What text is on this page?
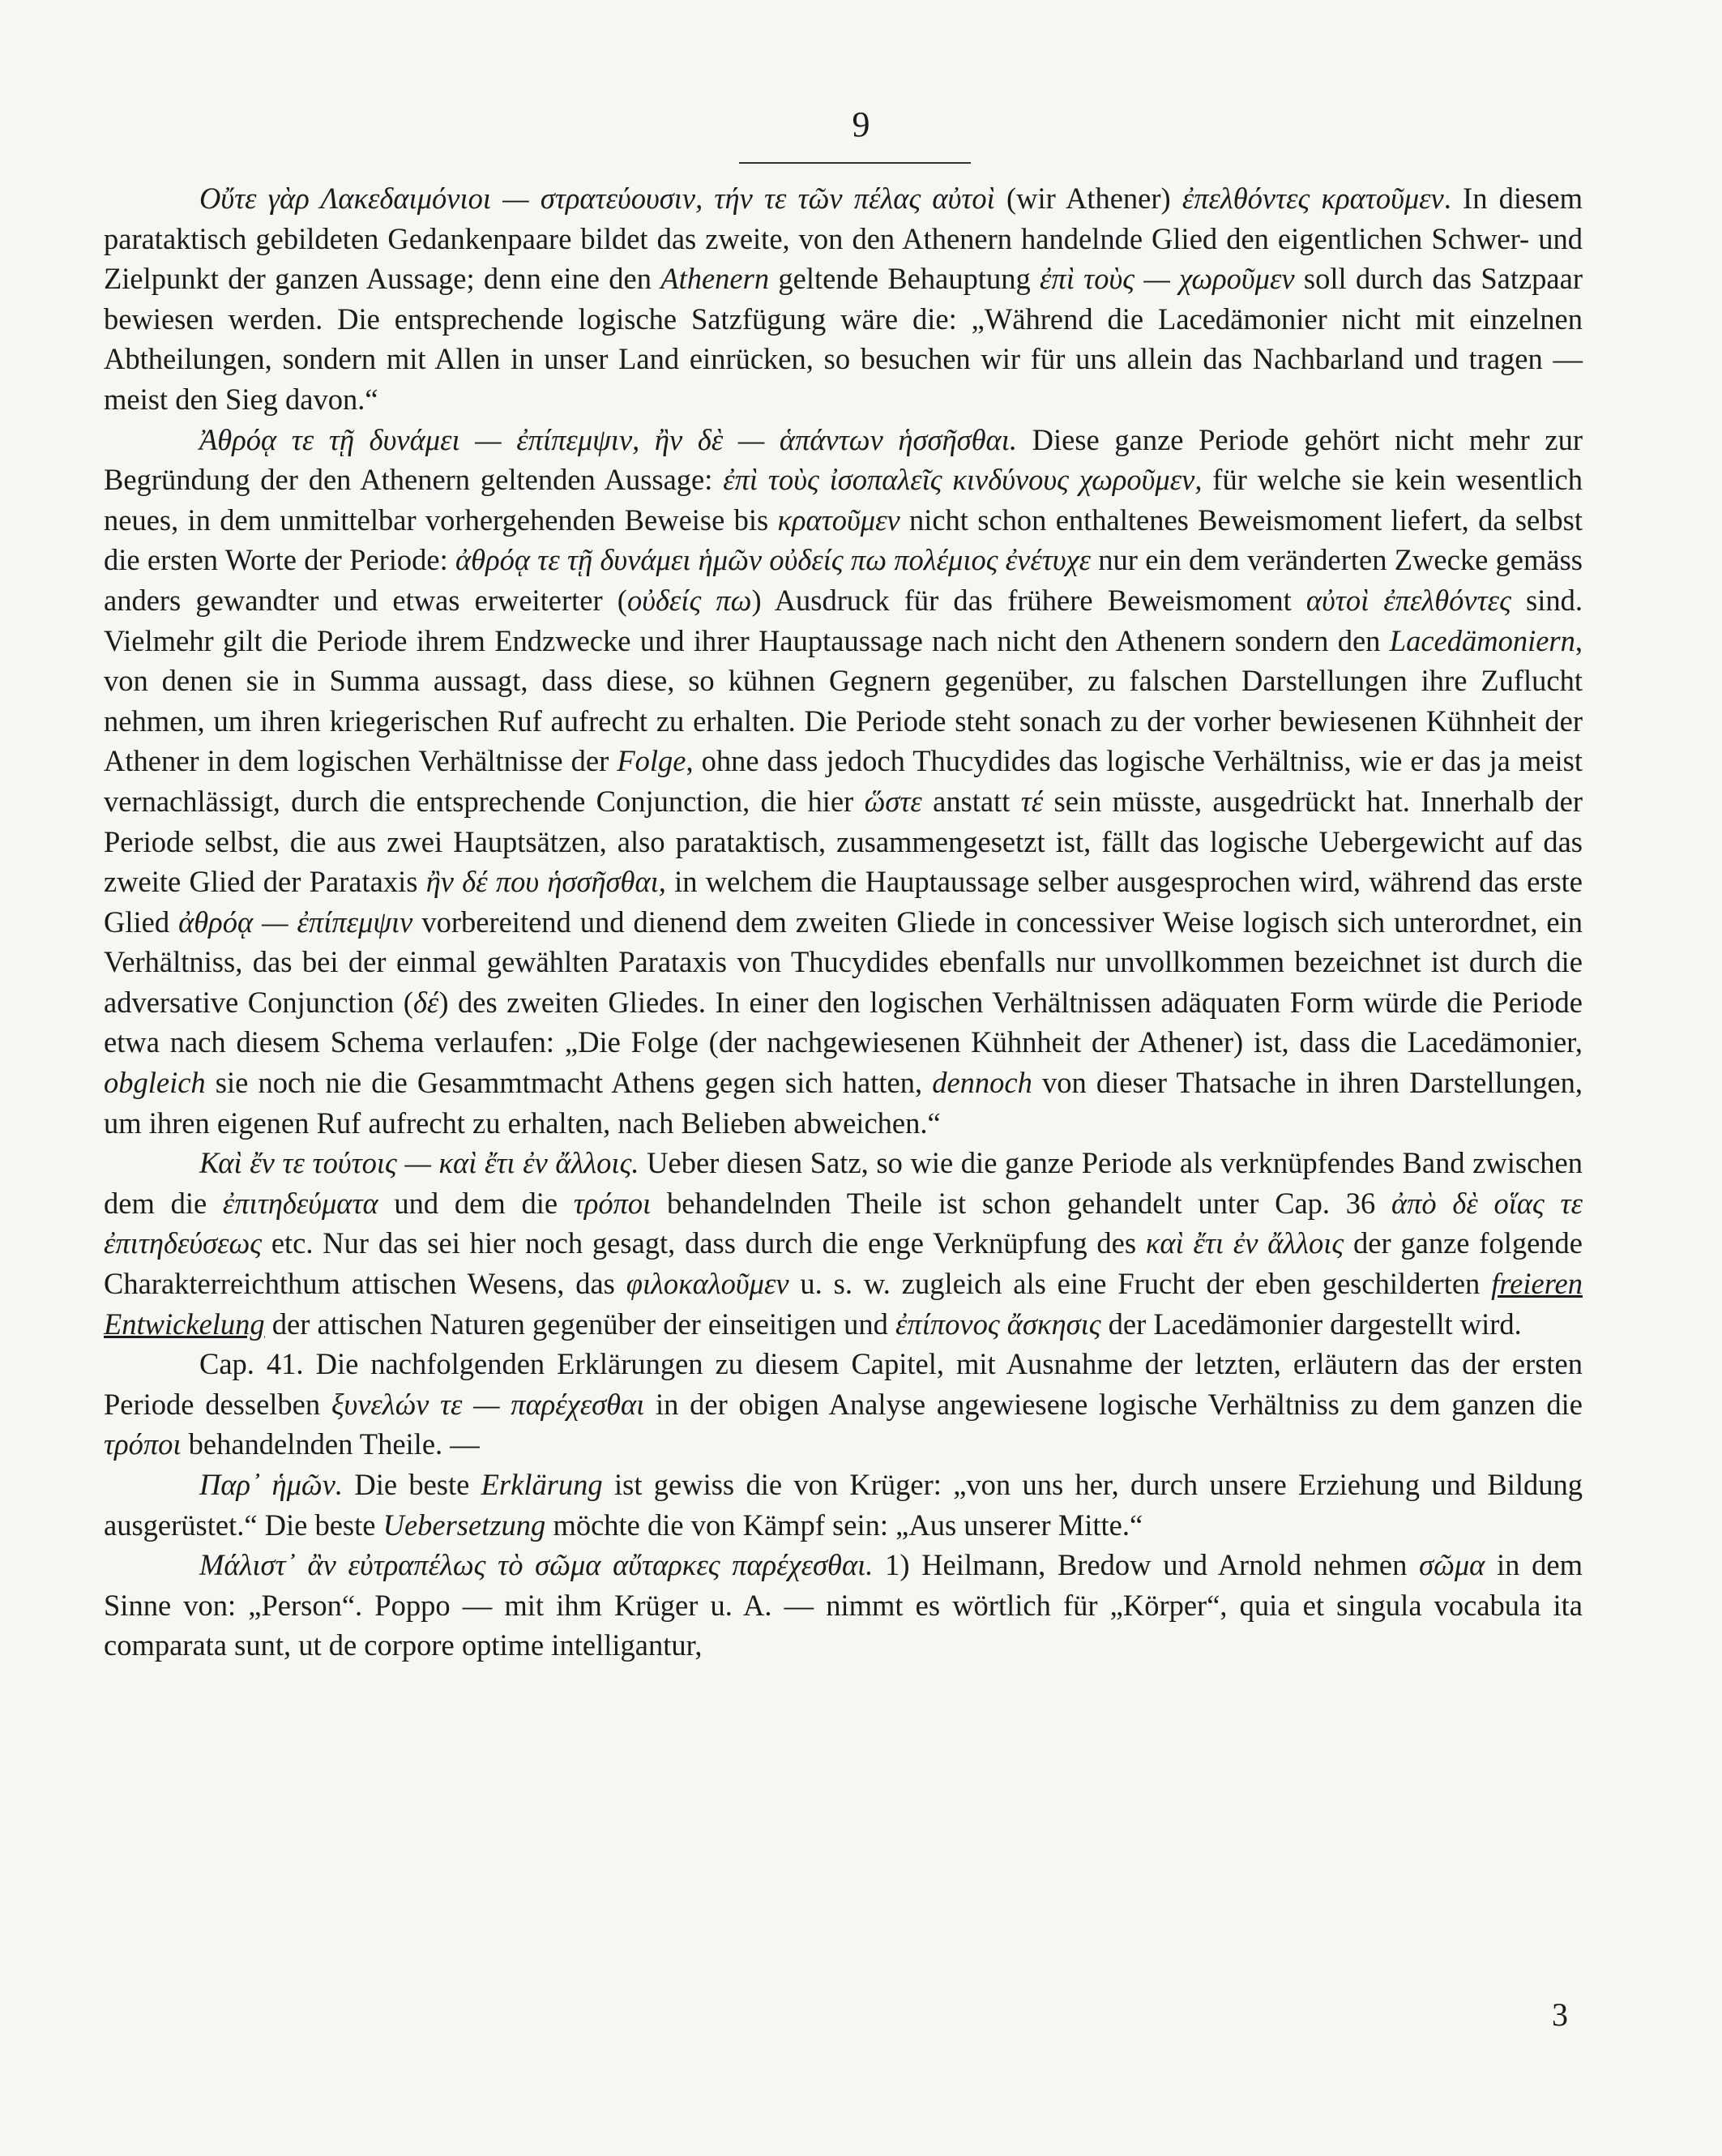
9

Οὔτε γὰρ Λακεδαιμόνιοι — στρατεύουσιν, τήν τε τῶν πέλας αὐτοὶ (wir Athener) ἐπελθόντες κρατοῦμεν. In diesem parataktisch gebildeten Gedankenpaare bildet das zweite, von den Athenern handelnde Glied den eigentlichen Schwer- und Zielpunkt der ganzen Aussage; denn eine den Athenern geltende Behauptung ἐπὶ τοὺς — χωροῦμεν soll durch das Satzpaar bewiesen werden. Die entsprechende logische Satzfügung wäre die: „Während die Lacedämonier nicht mit einzelnen Abtheilungen, sondern mit Allen in unser Land einrücken, so besuchen wir für uns allein das Nachbarland und tragen — meist den Sieg davon.“

Ἀθρόᾳ τε τῇ δυνάμει — ἐπίπεμψιν, ἢν δὲ — ἁπάντων ἡσσῆσθαι. Diese ganze Periode gehört nicht mehr zur Begründung der den Athenern geltenden Aussage: ἐπὶ τοὺς ἰσοπαλεῖς κινδύνους χωροῦμεν, für welche sie kein wesentlich neues, in dem unmittelbar vorhergehenden Beweise bis κρατοῦμεν nicht schon enthaltenes Beweismoment liefert, da selbst die ersten Worte der Periode: ἀθρόᾳ τε τῇ δυνάμει ἡμῶν οὐδείς πω πολέμιος ἐνέτυχε nur ein dem veränderten Zwecke gemäss anders gewandter und etwas erweiterter (οὐδείς πω) Ausdruck für das frühere Beweismoment αὐτοὶ ἐπελθόντες sind. Vielmehr gilt die Periode ihrem Endzwecke und ihrer Hauptaussage nach nicht den Athenern sondern den Lacedämoniern, von denen sie in Summa aussagt, dass diese, so kühnen Gegnern gegenüber, zu falschen Darstellungen ihre Zuflucht nehmen, um ihren kriegerischen Ruf aufrecht zu erhalten. Die Periode steht sonach zu der vorher bewiesenen Kühnheit der Athener in dem logischen Verhältnisse der Folge, ohne dass jedoch Thucydides das logische Verhältniss, wie er das ja meist vernachlässigt, durch die entsprechende Conjunction, die hier ὥστε anstatt τέ sein müsste, ausgedrückt hat. Innerhalb der Periode selbst, die aus zwei Hauptsätzen, also parataktisch, zusammengesetzt ist, fällt das logische Uebergewicht auf das zweite Glied der Parataxis ἢν δέ που ἡσσῆσθαι, in welchem die Hauptaussage selber ausgesprochen wird, während das erste Glied ἀθρόᾳ — ἐπίπεμψιν vorbereitend und dienend dem zweiten Gliede in concessiver Weise logisch sich unterordnet, ein Verhältniss, das bei der einmal gewählten Parataxis von Thucydides ebenfalls nur unvollkommen bezeichnet ist durch die adversative Conjunction (δέ) des zweiten Gliedes. In einer den logischen Verhältnissen adäquaten Form würde die Periode etwa nach diesem Schema verlaufen: „Die Folge (der nachgewiesenen Kühnheit der Athener) ist, dass die Lacedämonier, obgleich sie noch nie die Gesammtmacht Athens gegen sich hatten, dennoch von dieser Thatsache in ihren Darstellungen, um ihren eigenen Ruf aufrecht zu erhalten, nach Belieben abweichen.“

Καὶ ἔν τε τούτοις — καὶ ἔτι ἐν ἄλλοις. Ueber diesen Satz, so wie die ganze Periode als verknüpfendes Band zwischen dem die ἐπιτηδεύματα und dem die τρόποι behandelnden Theile ist schon gehandelt unter Cap. 36 ἀπὸ δὲ οἵας τε ἐπιτηδεύσεως etc. Nur das sei hier noch gesagt, dass durch die enge Verknüpfung des καὶ ἔτι ἐν ἄλλοις der ganze folgende Charakterreichthum attischen Wesens, das φιλοκαλοῦμεν u. s. w. zugleich als eine Frucht der eben geschilderten freieren Entwickelung der attischen Naturen gegenüber der einseitigen und ἐπίπονος ἄσκησις der Lacedämonier dargestellt wird.

Cap. 41. Die nachfolgenden Erklärungen zu diesem Capitel, mit Ausnahme der letzten, erläutern das der ersten Periode desselben ξυνελών τε — παρέχεσθαι in der obigen Analyse angewiesene logische Verhältniss zu dem ganzen die τρόποι behandelnden Theile. —

Παρ᾽ ἡμῶν. Die beste Erklärung ist gewiss die von Krüger: „von uns her, durch unsere Erziehung und Bildung ausgerüstet.“ Die beste Uebersetzung möchte die von Kämpf sein: „Aus unserer Mitte.“

Μάλιστ᾽ ἂν εὐτραπέλως τὸ σῶμα αὔταρκες παρέχεσθαι. 1) Heilmann, Bredow und Arnold nehmen σῶμα in dem Sinne von: „Person“. Poppo — mit ihm Krüger u. A. — nimmt es wörtlich für „Körper“, quia et singula vocabula ita comparata sunt, ut de corpore optime intelligantur,

3
